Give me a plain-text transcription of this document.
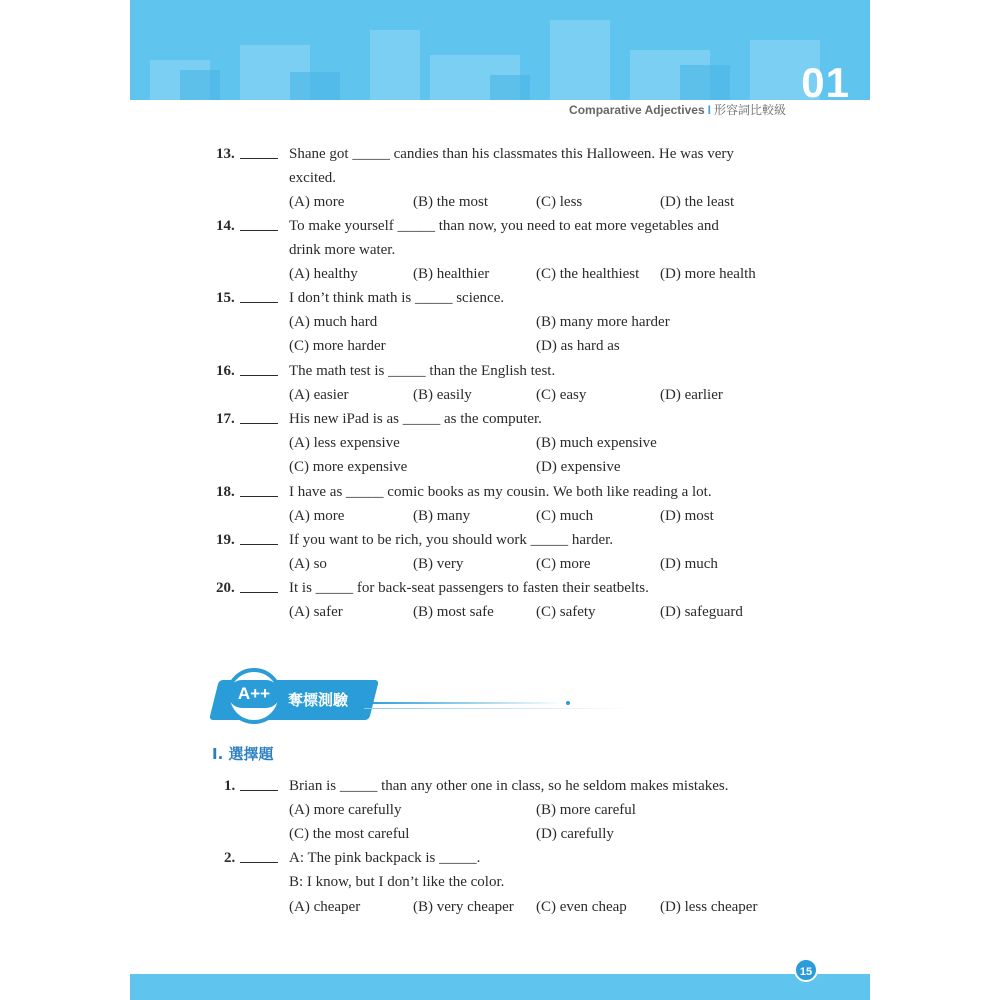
01
Comparative Adjectives I 形容詞比較級
13.	Shane got _____ candies than his classmates this Halloween. He was very
excited.
(A) more	(B) the most	(C) less	(D) the least
14.	To make yourself _____ than now, you need to eat more vegetables and
drink more water.
(A) healthy	(B) healthier	(C) the healthiest (D) more health
15.	I don’t think math is _____ science.
(A) much hard	(B) many more harder
(C) more harder	(D) as hard as
16.	The math test is _____ than the English test.
(A) easier	(B) easily	(C) easy	(D) earlier
17.	His new iPad is as _____ as the computer.
(A) less expensive	(B) much expensive
(C) more expensive	(D) expensive
18.	I have as _____ comic books as my cousin. We both like reading a lot.
(A) more	(B) many	(C) much	(D) most
19.	If you want to be rich, you should work _____ harder.
(A) so	(B) very	(C) more	(D) much
20.	It is _____ for back-seat passengers to fasten their seatbelts.
(A) safer	(B) most safe	(C) safety	(D) safeguard
A++	奪標測驗
I. 選擇題
1.	Brian is _____ than any other one in class, so he seldom makes mistakes.
(A) more carefully	(B) more careful
(C) the most careful	(D) carefully
2.	A: The pink backpack is _____.
B: I know, but I don’t like the color.
(A) cheaper	(B) very cheaper (C) even cheap (D) less cheaper
15
